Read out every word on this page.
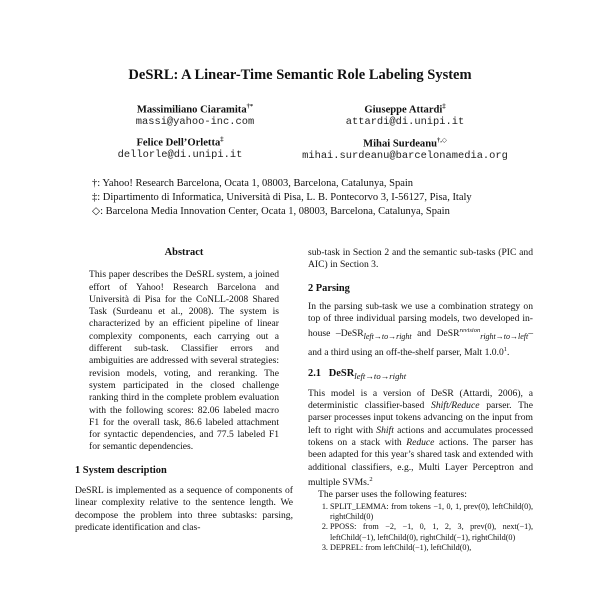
DeSRL: A Linear-Time Semantic Role Labeling System
Massimiliano Ciaramita†*
massi@yahoo-inc.com
Giuseppe Attardi‡
attardi@di.unipi.it
Felice Dell’Orletta‡
dellorle@di.unipi.it
Mihai Surdeanu†,◇
mihai.surdeanu@barcelonamedia.org
†: Yahoo! Research Barcelona, Ocata 1, 08003, Barcelona, Catalunya, Spain
‡: Dipartimento di Informatica, Università di Pisa, L. B. Pontecorvo 3, I-56127, Pisa, Italy
◇: Barcelona Media Innovation Center, Ocata 1, 08003, Barcelona, Catalunya, Spain
Abstract

This paper describes the DeSRL system, a joined effort of Yahoo! Research Barcelona and Università di Pisa for the CoNLL-2008 Shared Task (Surdeanu et al., 2008). The system is characterized by an efficient pipeline of linear complexity components, each carrying out a different sub-task. Classifier errors and ambiguities are addressed with several strategies: revision models, voting, and reranking. The system participated in the closed challenge ranking third in the complete problem evaluation with the following scores: 82.06 labeled macro F1 for the overall task, 86.6 labeled attachment for syntactic dependencies, and 77.5 labeled F1 for semantic dependencies.

1 System description

DeSRL is implemented as a sequence of components of linear complexity relative to the sentence length. We decompose the problem into three subtasks: parsing, predicate identification and clas-

sub-task in Section 2 and the semantic sub-tasks (PIC and AIC) in Section 3.

2 Parsing

In the parsing sub-task we use a combination strategy on top of three individual parsing models, two developed in-house –DeSR$_{left\to to\to right}$ and DeSR$^{revision}_{right\to to\to left}$– and a third using an off-the-shelf parser, Malt 1.0.0$^1$.

2.1 DeSR$_{left\to to\to right}$

This model is a version of DeSR (Attardi, 2006), a deterministic classifier-based Shift/Reduce parser. The parser processes input tokens advancing on the input from left to right with Shift actions and accumulates processed tokens on a stack with Reduce actions. The parser has been adapted for this year’s shared task and extended with additional classifiers, e.g., Multi Layer Perceptron and multiple SVMs.$^2$

The parser uses the following features:

1. SPLIT_LEMMA: from tokens −1, 0, 1, prev(0), leftChild(0), rightChild(0)
2. PPOSS: from −2, −1, 0, 1, 2, 3, prev(0), next(−1), leftChild(−1), leftChild(0), rightChild(−1), rightChild(0)
3. DEPREL: from leftChild(−1), leftChild(0),
